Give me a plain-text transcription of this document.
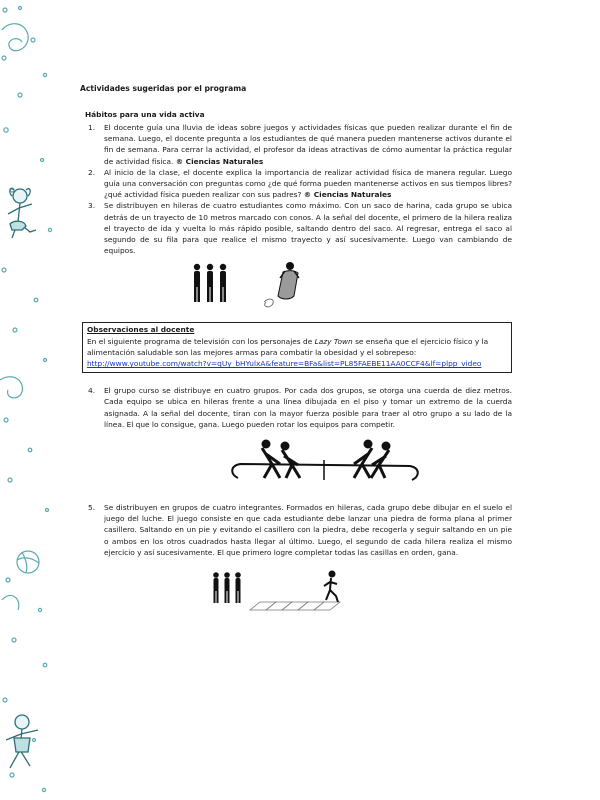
Actividades sugeridas por el programa
Hábitos para una vida activa
1. El docente guía una lluvia de ideas sobre juegos y actividades físicas que pueden realizar durante el fin de semana. Luego, el docente pregunta a los estudiantes de qué manera pueden mantenerse activos durante el fin de semana. Para cerrar la actividad, el profesor da ideas atractivas de cómo aumentar la práctica regular de actividad física. ® Ciencias Naturales
2. Al inicio de la clase, el docente explica la importancia de realizar actividad física de manera regular. Luego guía una conversación con preguntas como ¿de qué forma pueden mantenerse activos en sus tiempos libres? ¿qué actividad física pueden realizar con sus padres? ® Ciencias Naturales
3. Se distribuyen en hileras de cuatro estudiantes como máximo. Con un saco de harina, cada grupo se ubica detrás de un trayecto de 10 metros marcado con conos. A la señal del docente, el primero de la hilera realiza el trayecto de ida y vuelta lo más rápido posible, saltando dentro del saco. Al regresar, entrega el saco al segundo de su fila para que realice el mismo trayecto y así sucesivamente. Luego van cambiando de equipos.
Observaciones al docente
En el siguiente programa de televisión con los personajes de Lazy Town se enseña que el ejercicio físico y la alimentación saludable son las mejores armas para combatir la obesidad y el sobrepeso:
http://www.youtube.com/watch?v=qUy_bHYulxA&feature=BFa&list=PL85FAEBE11AA0CCF4&lf=plpp_video
4. El grupo curso se distribuye en cuatro grupos. Por cada dos grupos, se otorga una cuerda de diez metros. Cada equipo se ubica en hileras frente a una línea dibujada en el piso y tomar un extremo de la cuerda asignada. A la señal del docente, tiran con la mayor fuerza posible para traer al otro grupo a su lado de la línea. El que lo consigue, gana. Luego pueden rotar los equipos para competir.
5. Se distribuyen en grupos de cuatro integrantes. Formados en hileras, cada grupo debe dibujar en el suelo el juego del luche. El juego consiste en que cada estudiante debe lanzar una piedra de forma plana al primer casillero. Saltando en un pie y evitando el casillero con la piedra, debe recogerla y seguir saltando en un pie o ambos en los otros cuadrados hasta llegar al último. Luego, el segundo de cada hilera realiza el mismo ejercicio y así sucesivamente. El que primero logre completar todas las casillas en orden, gana.
